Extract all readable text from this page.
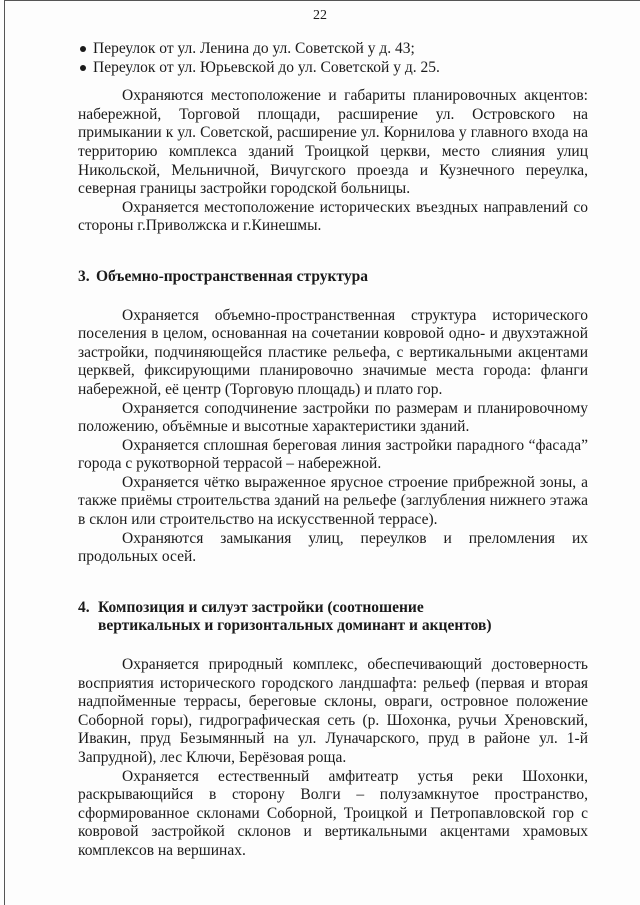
22
Переулок от ул. Ленина до ул. Советской у д. 43;
Переулок от ул. Юрьевской до ул. Советской у д. 25.

Охраняются местоположение и габариты планировочных акцентов: набережной, Торговой площади, расширение ул. Островского на примыкании к ул. Советской, расширение ул. Корнилова у главного входа на территорию комплекса зданий Троицкой церкви, место слияния улиц Никольской, Мельничной, Вичугского проезда и Кузнечного переулка, северная границы застройки городской больницы.

Охраняется местоположение исторических въездных направлений со стороны г.Приволжска и г.Кинешмы.

3. Объемно-пространственная структура

Охраняется объемно-пространственная структура исторического поселения в целом, основанная на сочетании ковровой одно- и двухэтажной застройки, подчиняющейся пластике рельефа, с вертикальными акцентами церквей, фиксирующими планировочно значимые места города: фланги набережной, её центр (Торговую площадь) и плато гор.

Охраняется соподчинение застройки по размерам и планировочному положению, объёмные и высотные характеристики зданий.

Охраняется сплошная береговая линия застройки парадного “фасада” города с рукотворной террасой – набережной.

Охраняется чётко выраженное ярусное строение прибрежной зоны, а также приёмы строительства зданий на рельефе (заглубления нижнего этажа в склон или строительство на искусственной террасе).

Охраняются замыкания улиц, переулков и преломления их продольных осей.

4. Композиция и силуэт застройки (соотношение вертикальных и горизонтальных доминант и акцентов)

Охраняется природный комплекс, обеспечивающий достоверность восприятия исторического городского ландшафта: рельеф (первая и вторая надпойменные террасы, береговые склоны, овраги, островное положение Соборной горы), гидрографическая сеть (р. Шохонка, ручьи Хреновский, Ивакин, пруд Безымянный на ул. Луначарского, пруд в районе ул. 1-й Запрудной), лес Ключи, Берёзовая роща.

Охраняется естественный амфитеатр устья реки Шохонки, раскрывающийся в сторону Волги – полузамкнутое пространство, сформированное склонами Соборной, Троицкой и Петропавловской гор с ковровой застройкой склонов и вертикальными акцентами храмовых комплексов на вершинах.
